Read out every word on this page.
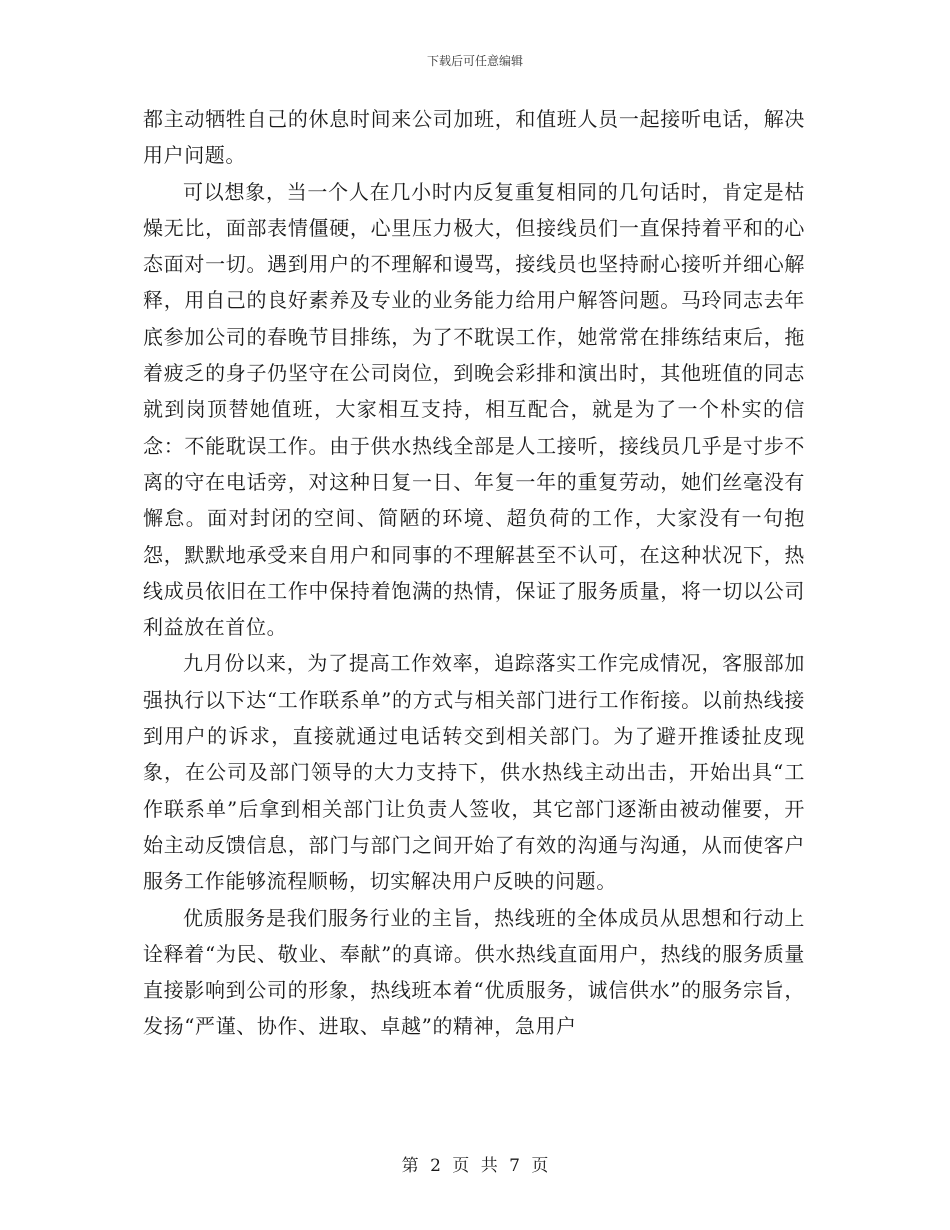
下载后可任意编辑

都主动牺牲自己的休息时间来公司加班，和值班人员一起接听电话，解决用户问题。

可以想象，当一个人在几小时内反复重复相同的几句话时，肯定是枯燥无比，面部表情僵硬，心里压力极大，但接线员们一直保持着平和的心态面对一切。遇到用户的不理解和谩骂，接线员也坚持耐心接听并细心解释，用自己的良好素养及专业的业务能力给用户解答问题。马玲同志去年底参加公司的春晚节目排练，为了不耽误工作，她常常在排练结束后，拖着疲乏的身子仍坚守在公司岗位，到晚会彩排和演出时，其他班值的同志就到岗顶替她值班，大家相互支持，相互配合，就是为了一个朴实的信念：不能耽误工作。由于供水热线全部是人工接听，接线员几乎是寸步不离的守在电话旁，对这种日复一日、年复一年的重复劳动，她们丝毫没有懈怠。面对封闭的空间、简陋的环境、超负荷的工作，大家没有一句抱怨，默默地承受来自用户和同事的不理解甚至不认可，在这种状况下，热线成员依旧在工作中保持着饱满的热情，保证了服务质量，将一切以公司利益放在首位。

九月份以来，为了提高工作效率，追踪落实工作完成情况，客服部加强执行以下达“工作联系单”的方式与相关部门进行工作衔接。以前热线接到用户的诉求，直接就通过电话转交到相关部门。为了避开推诿扯皮现象，在公司及部门领导的大力支持下，供水热线主动出击，开始出具“工作联系单”后拿到相关部门让负责人签收，其它部门逐渐由被动催要，开始主动反馈信息，部门与部门之间开始了有效的沟通与沟通，从而使客户服务工作能够流程顺畅，切实解决用户反映的问题。

优质服务是我们服务行业的主旨，热线班的全体成员从思想和行动上诠释着“为民、敬业、奉献”的真谛。供水热线直面用户，热线的服务质量直接影响到公司的形象，热线班本着“优质服务，诚信供水”的服务宗旨，发扬“严谨、协作、进取、卓越”的精神，急用户

第 2 页 共 7 页
